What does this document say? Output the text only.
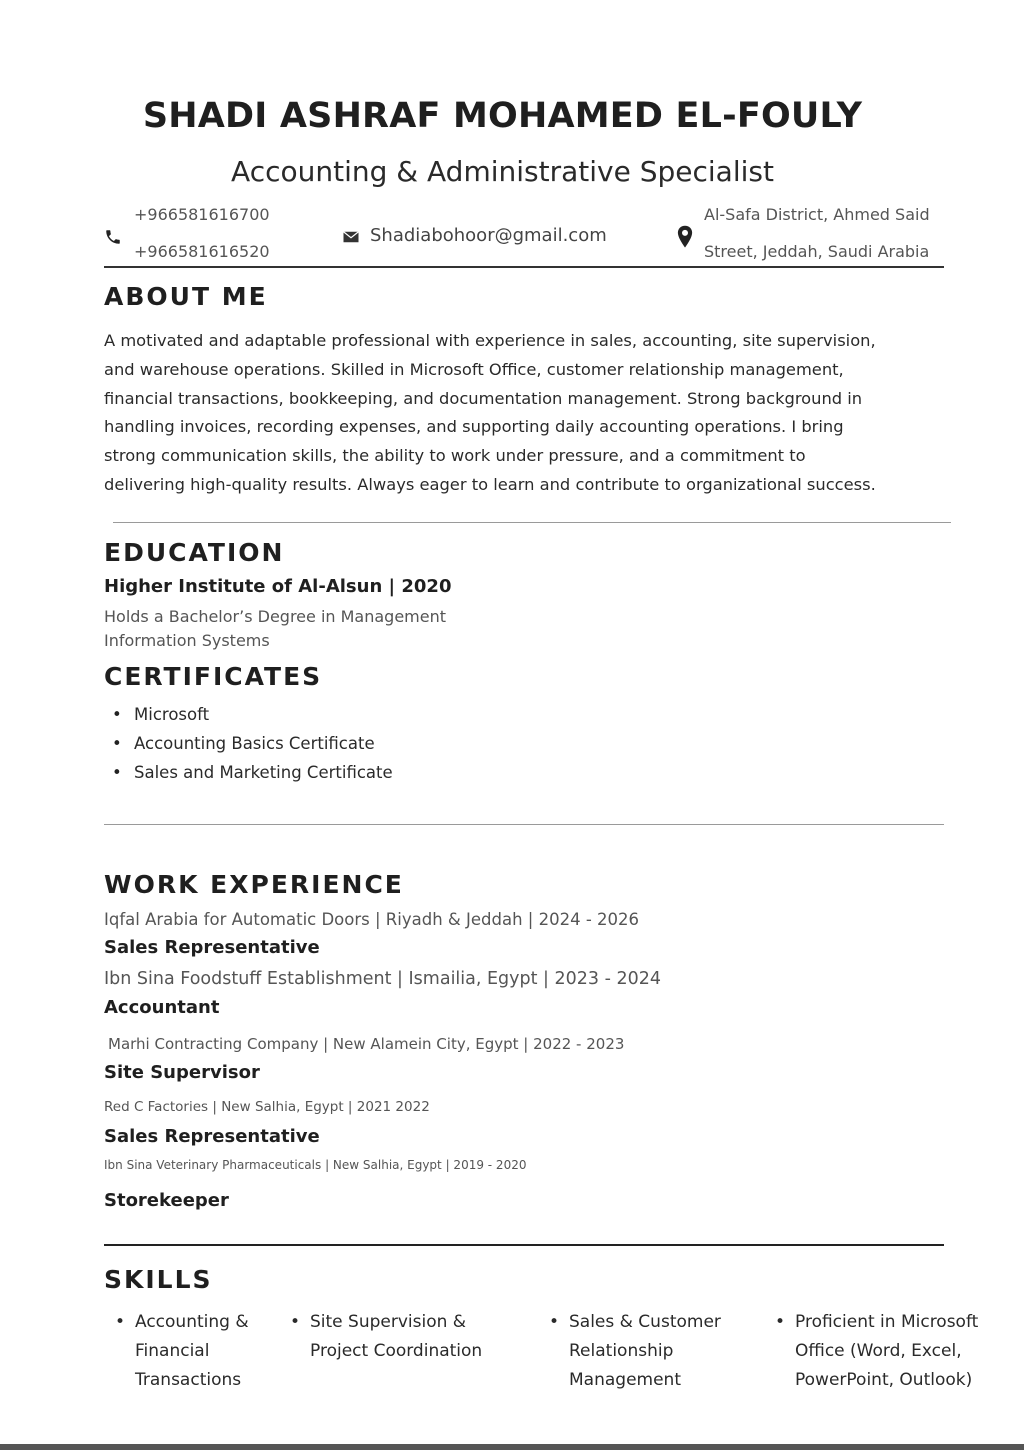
SHADI ASHRAF MOHAMED EL-FOULY
Accounting & Administrative Specialist
+966581616700
+966581616520
Shadiabohoor@gmail.com
Al-Safa District, Ahmed Said
Street, Jeddah, Saudi Arabia
ABOUT ME

A motivated and adaptable professional with experience in sales, accounting, site supervision,
and warehouse operations. Skilled in Microsoft Office, customer relationship management,
financial transactions, bookkeeping, and documentation management. Strong background in
handling invoices, recording expenses, and supporting daily accounting operations. I bring
strong communication skills, the ability to work under pressure, and a commitment to
delivering high-quality results. Always eager to learn and contribute to organizational success.

EDUCATION
Higher Institute of Al-Alsun | 2020
Holds a Bachelor’s Degree in Management
Information Systems
CERTIFICATES
• Microsoft
• Accounting Basics Certificate
• Sales and Marketing Certificate
WORK EXPERIENCE
Iqfal Arabia for Automatic Doors | Riyadh & Jeddah | 2024 - 2026
Sales Representative
Ibn Sina Foodstuff Establishment | Ismailia, Egypt | 2023 - 2024
Accountant
Marhi Contracting Company | New Alamein City, Egypt | 2022 - 2023
Site Supervisor
Red C Factories | New Salhia, Egypt | 2021 2022
Sales Representative
Ibn Sina Veterinary Pharmaceuticals | New Salhia, Egypt | 2019 - 2020
Storekeeper
SKILLS
• Accounting &
Financial
Transactions
• Site Supervision &
Project Coordination
• Sales & Customer
Relationship
Management
• Proficient in Microsoft
Office (Word, Excel,
PowerPoint, Outlook)
